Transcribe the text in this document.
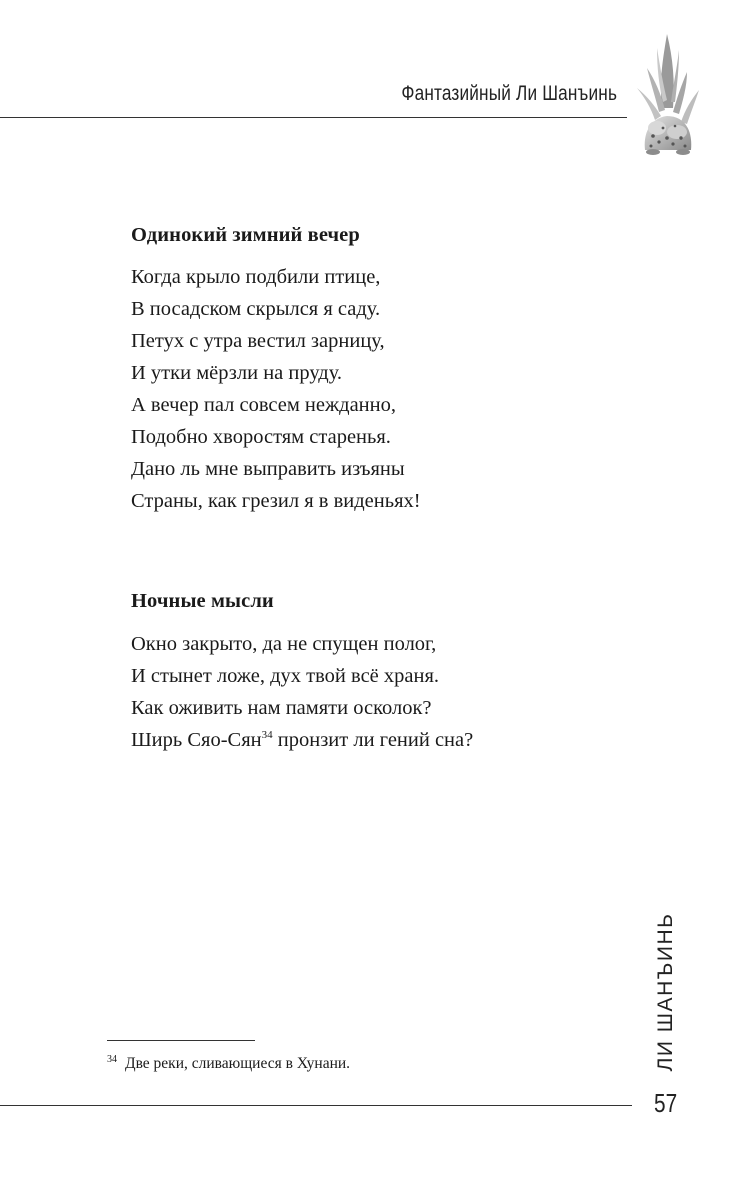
Фантазийный Ли Шанъинь
Одинокий зимний вечер
Когда крыло подбили птице,
В посадском скрылся я саду.
Петух с утра вестил зарницу,
И утки мёрзли на пруду.
А вечер пал совсем нежданно,
Подобно хворостям старенья.
Дано ль мне выправить изъяны
Страны, как грезил я в виденьях!
Ночные мысли
Окно закрыто, да не спущен полог,
И стынет ложе, дух твой всё храня.
Как оживить нам памяти осколок?
Ширь Сяо-Сян$^{34}$ пронзит ли гений сна?
$^{34}$ Две реки, сливающиеся в Хунани.	ЛИ ШАНЪИНЬ
57
